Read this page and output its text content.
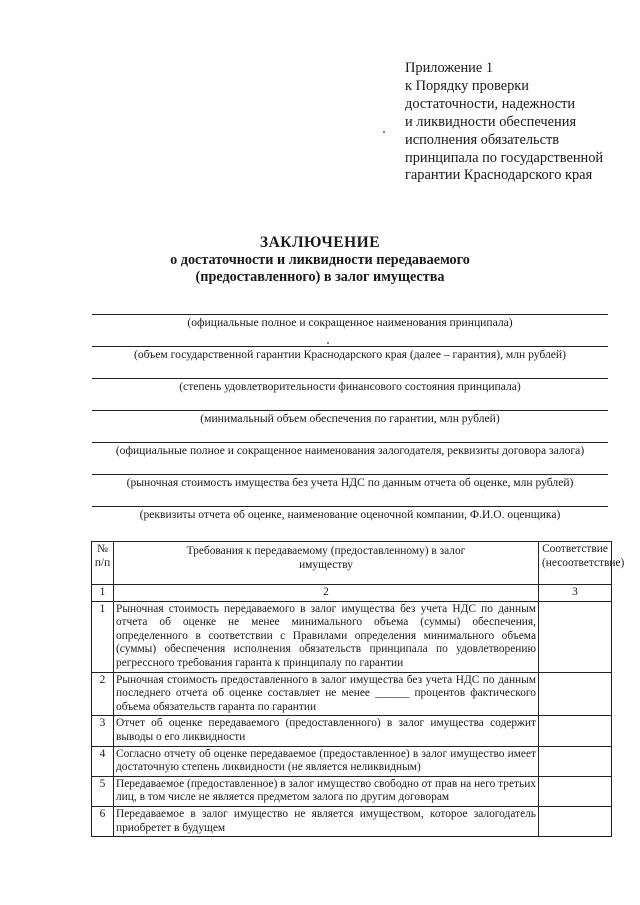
Приложение 1
к Порядку проверки
достаточности, надежности
и ликвидности обеспечения
исполнения обязательств
принципала по государственной
гарантии Краснодарского края
ЗАКЛЮЧЕНИЕ
о достаточности и ликвидности передаваемого
(предоставленного) в залог имущества
(официальные полное и сокращенное наименования принципала)
(объем государственной гарантии Краснодарского края (далее – гарантия), млн рублей)
(степень удовлетворительности финансового состояния принципала)
(минимальный объем обеспечения по гарантии, млн рублей)
(официальные полное и сокращенное наименования залогодателя, реквизиты договора залога)
(рыночная стоимость имущества без учета НДС по данным отчета об оценке, млн рублей)
(реквизиты отчета об оценке, наименование оценочной компании, Ф.И.О. оценщика)
№ п/п	Требования к передаваемому (предоставленному) в залог имуществу	Соответствие (несоответствие)
1	2	3
1	Рыночная стоимость передаваемого в залог имущества без учета НДС по данным отчета об оценке не менее минимального объема (суммы) обеспечения, определенного в соответствии с Правилами определения минимального объема (суммы) обеспечения исполнения обязательств принципала по удовлетворению регрессного требования гаранта к принципалу по гарантии	
2	Рыночная стоимость предоставленного в залог имущества без учета НДС по данным последнего отчета об оценке составляет не менее ______ процентов фактического объема обязательств гаранта по гарантии	
3	Отчет об оценке передаваемого (предоставленного) в залог имущества содержит выводы о его ликвидности	
4	Согласно отчету об оценке передаваемое (предоставленное) в залог имущество имеет достаточную степень ликвидности (не является неликвидным)	
5	Передаваемое (предоставленное) в залог имущество свободно от прав на него третьих лиц, в том числе не является предметом залога по другим договорам	
6	Передаваемое в залог имущество не является имуществом, которое залогодатель приобретет в будущем	
